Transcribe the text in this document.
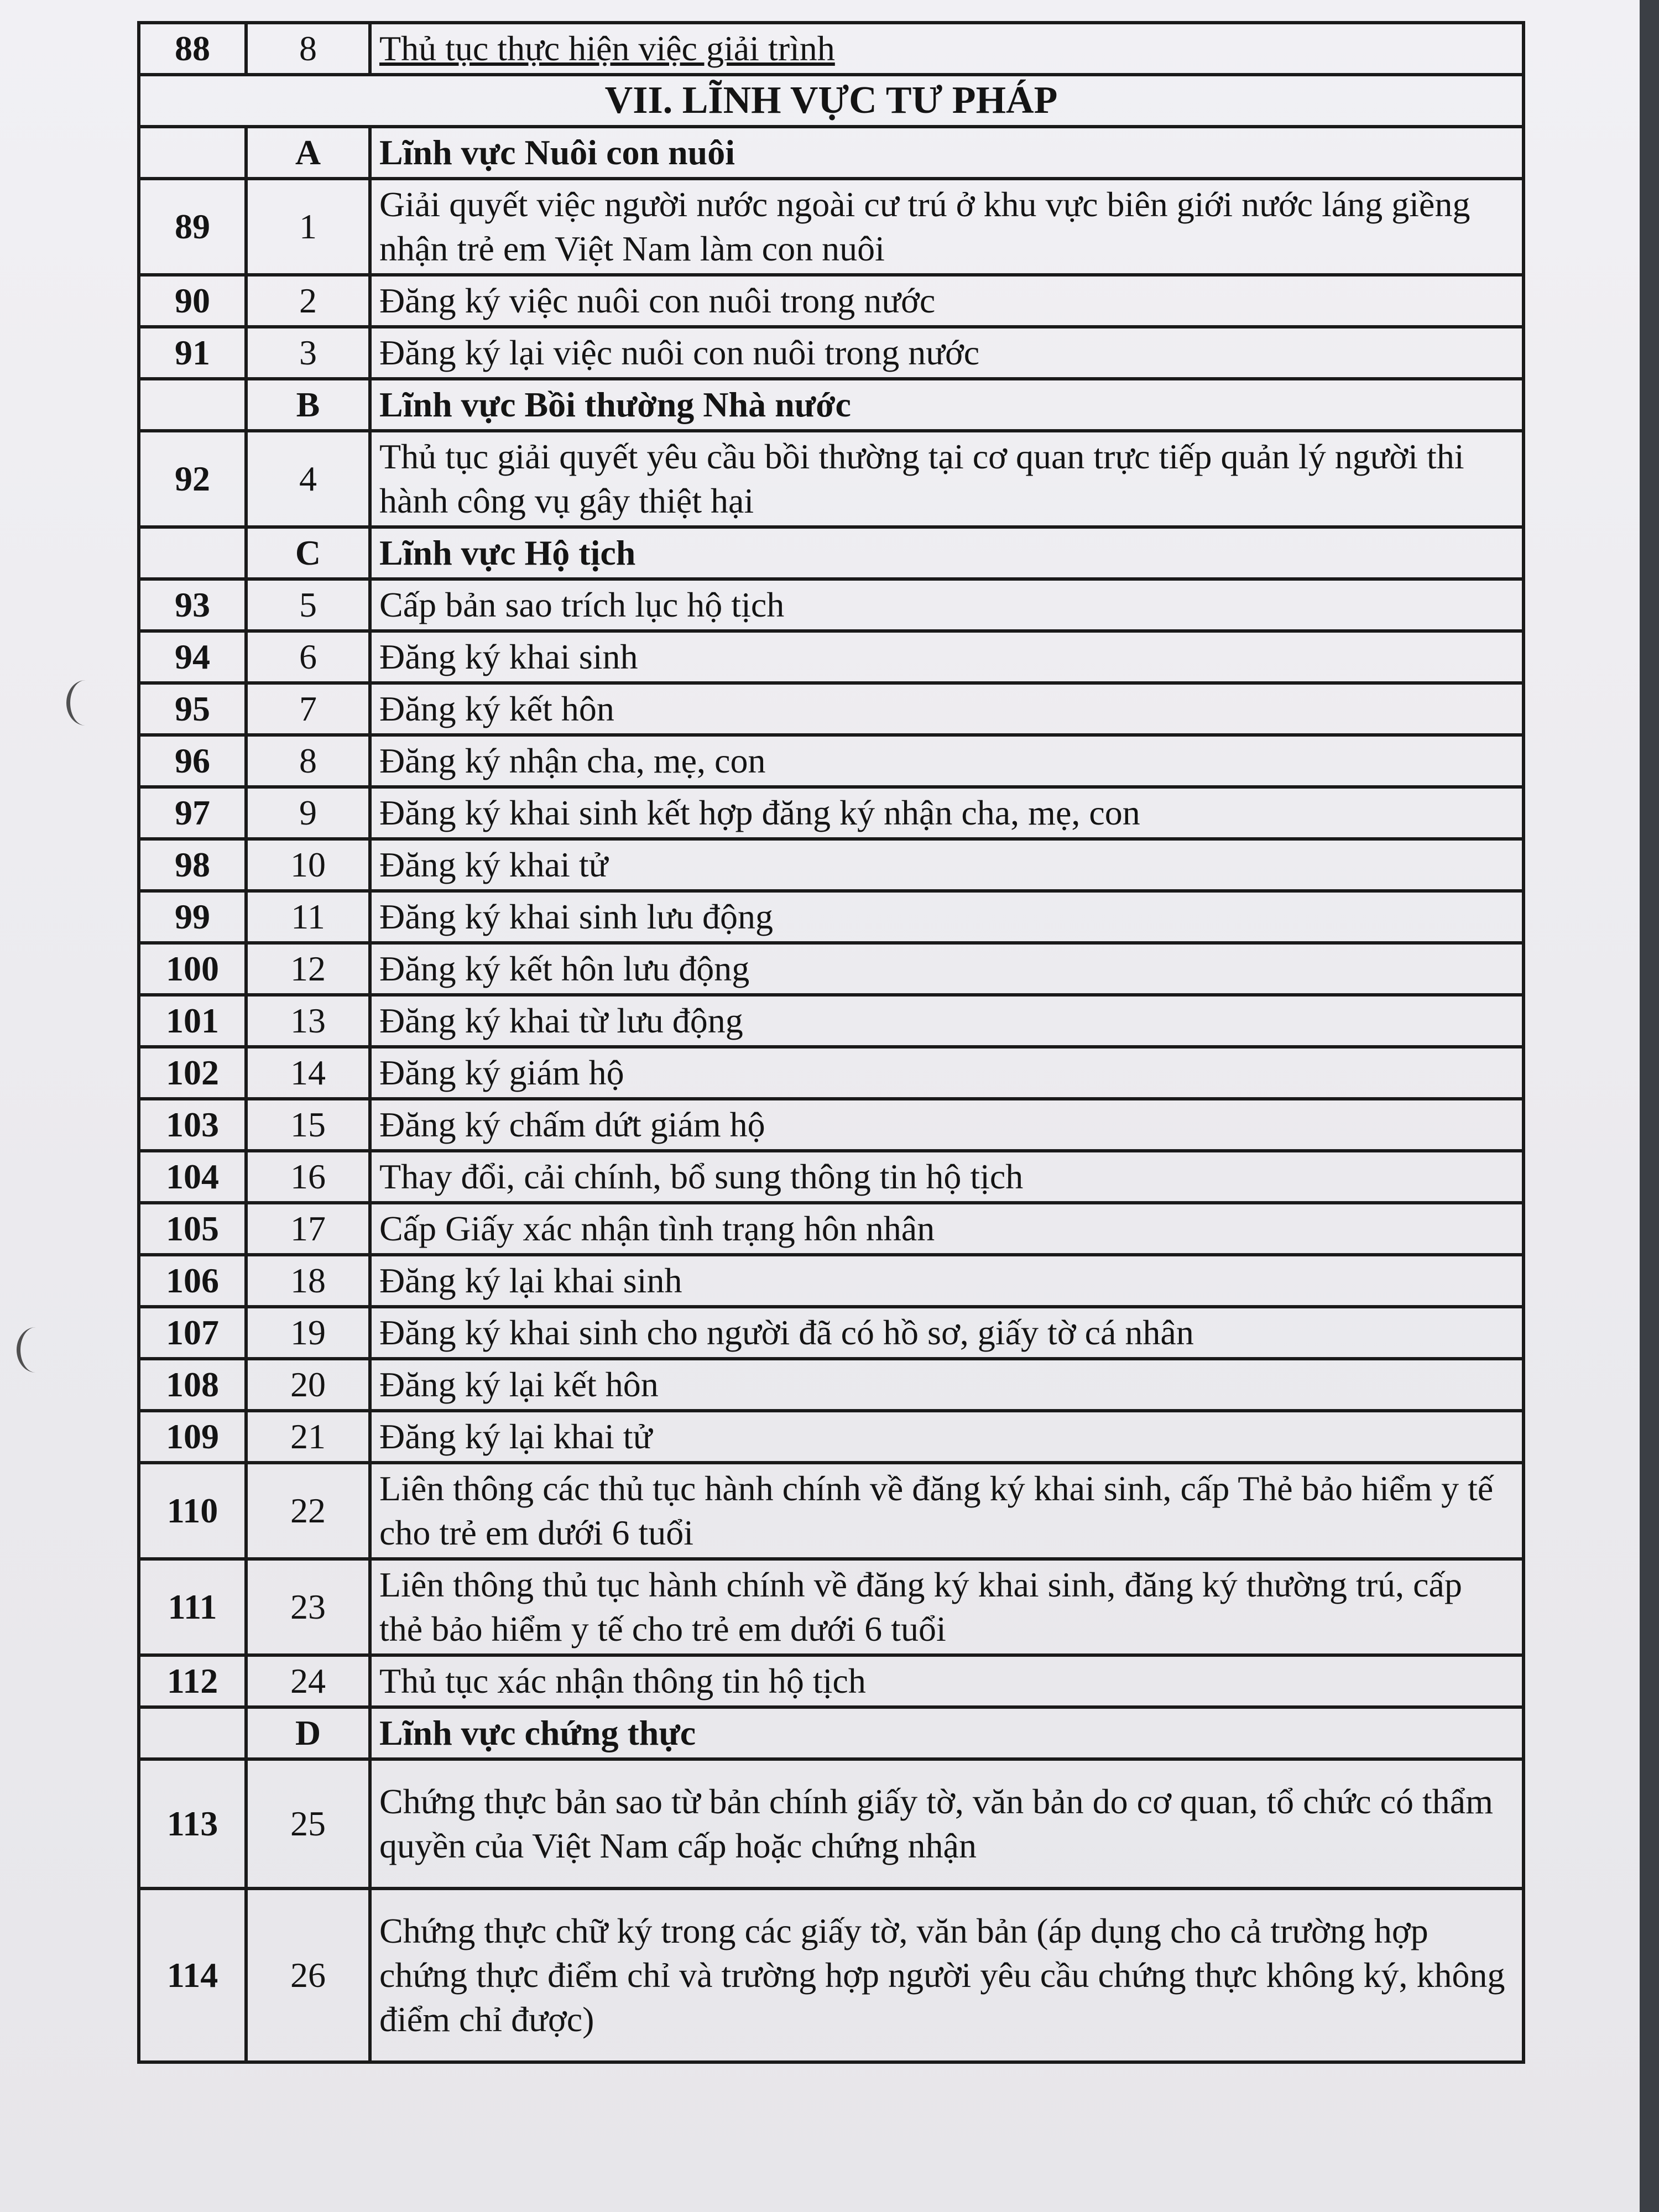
88	8	Thủ tục thực hiện việc giải trình
VII. LĨNH VỰC TƯ PHÁP		
	A	Lĩnh vực Nuôi con nuôi
89	1	Giải quyết việc người nước ngoài cư trú ở khu vực biên giới nước láng giềng nhận trẻ em Việt Nam làm con nuôi
90	2	Đăng ký việc nuôi con nuôi trong nước
91	3	Đăng ký lại việc nuôi con nuôi trong nước
	B	Lĩnh vực Bồi thường Nhà nước
92	4	Thủ tục giải quyết yêu cầu bồi thường tại cơ quan trực tiếp quản lý người thi hành công vụ gây thiệt hại
	C	Lĩnh vực Hộ tịch
93	5	Cấp bản sao trích lục hộ tịch
94	6	Đăng ký khai sinh
95	7	Đăng ký kết hôn
96	8	Đăng ký nhận cha, mẹ, con
97	9	Đăng ký khai sinh kết hợp đăng ký nhận cha, mẹ, con
98	10	Đăng ký khai tử
99	11	Đăng ký khai sinh lưu động
100	12	Đăng ký kết hôn lưu động
101	13	Đăng ký khai từ lưu động
102	14	Đăng ký giám hộ
103	15	Đăng ký chấm dứt giám hộ
104	16	Thay đổi, cải chính, bổ sung thông tin hộ tịch
105	17	Cấp Giấy xác nhận tình trạng hôn nhân
106	18	Đăng ký lại khai sinh
107	19	Đăng ký khai sinh cho người đã có hồ sơ, giấy tờ cá nhân
108	20	Đăng ký lại kết hôn
109	21	Đăng ký lại khai tử
110	22	Liên thông các thủ tục hành chính về đăng ký khai sinh, cấp Thẻ bảo hiểm y tế cho trẻ em dưới 6 tuổi
111	23	Liên thông thủ tục hành chính về đăng ký khai sinh, đăng ký thường trú, cấp thẻ bảo hiểm y tế cho trẻ em dưới 6 tuổi
112	24	Thủ tục xác nhận thông tin hộ tịch
	D	Lĩnh vực chứng thực
113	25	Chứng thực bản sao từ bản chính giấy tờ, văn bản do cơ quan, tổ chức có thẩm quyền của Việt Nam cấp hoặc chứng nhận
114	26	Chứng thực chữ ký trong các giấy tờ, văn bản (áp dụng cho cả trường hợp chứng thực điểm chỉ và trường hợp người yêu cầu chứng thực không ký, không điểm chỉ được)
